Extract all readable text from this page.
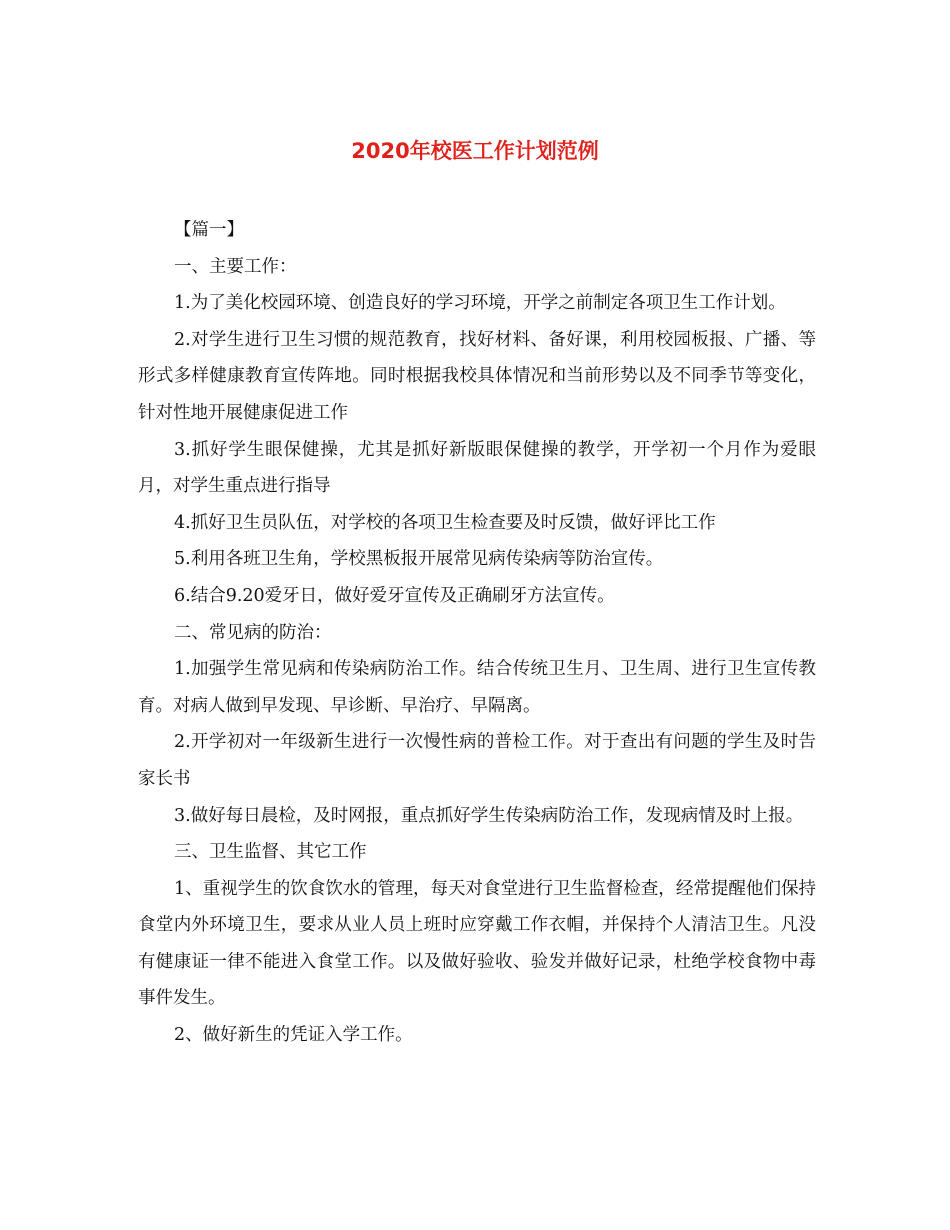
2020年校医工作计划范例

【篇一】

一、主要工作：

1.为了美化校园环境、创造良好的学习环境，开学之前制定各项卫生工作计划。

2.对学生进行卫生习惯的规范教育，找好材料、备好课，利用校园板报、广播、等形式多样健康教育宣传阵地。同时根据我校具体情况和当前形势以及不同季节等变化，针对性地开展健康促进工作

3.抓好学生眼保健操，尤其是抓好新版眼保健操的教学，开学初一个月作为爱眼月，对学生重点进行指导

4.抓好卫生员队伍，对学校的各项卫生检查要及时反馈，做好评比工作

5.利用各班卫生角，学校黑板报开展常见病传染病等防治宣传。

6.结合9.20爱牙日，做好爱牙宣传及正确刷牙方法宣传。

二、常见病的防治：

1.加强学生常见病和传染病防治工作。结合传统卫生月、卫生周、进行卫生宣传教育。对病人做到早发现、早诊断、早治疗、早隔离。

2.开学初对一年级新生进行一次慢性病的普检工作。对于查出有问题的学生及时告家长书

3.做好每日晨检，及时网报，重点抓好学生传染病防治工作，发现病情及时上报。

三、卫生监督、其它工作

1、重视学生的饮食饮水的管理，每天对食堂进行卫生监督检查，经常提醒他们保持食堂内外环境卫生，要求从业人员上班时应穿戴工作衣帽，并保持个人清洁卫生。凡没有健康证一律不能进入食堂工作。以及做好验收、验发并做好记录，杜绝学校食物中毒事件发生。

2、做好新生的凭证入学工作。
